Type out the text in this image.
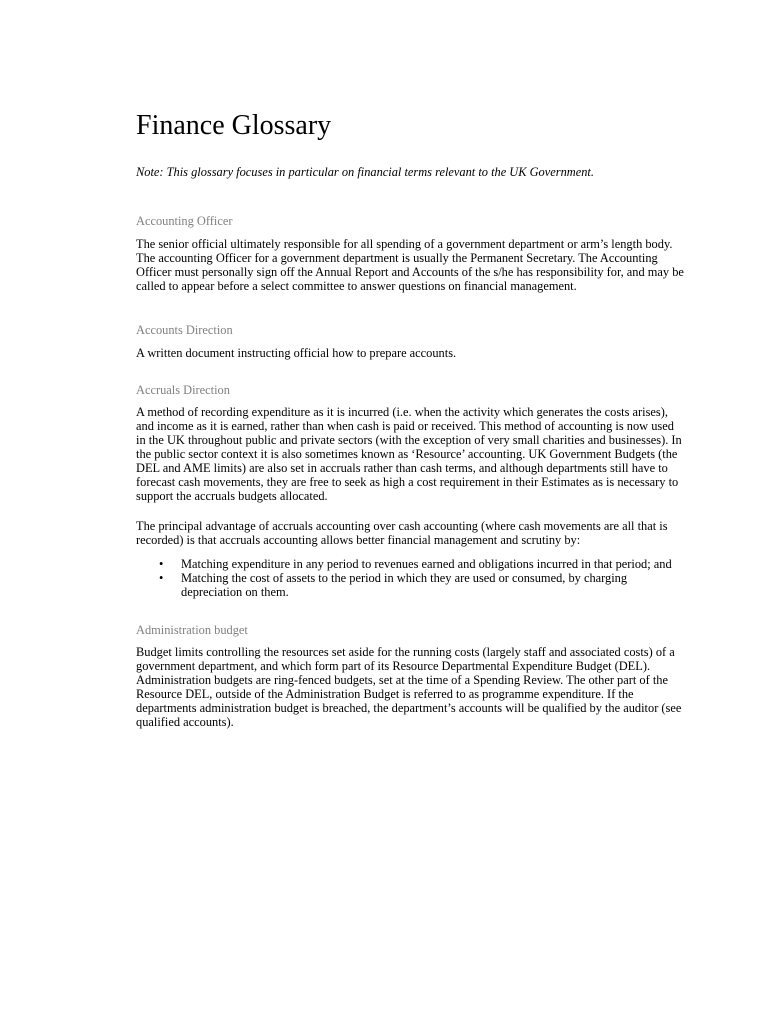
Finance Glossary

Note: This glossary focuses in particular on financial terms relevant to the UK Government.

Accounting Officer

The senior official ultimately responsible for all spending of a government department or arm’s length body. The accounting Officer for a government department is usually the Permanent Secretary. The Accounting Officer must personally sign off the Annual Report and Accounts of the s/he has responsibility for, and may be called to appear before a select committee to answer questions on financial management.

Accounts Direction

A written document instructing official how to prepare accounts.

Accruals Direction

A method of recording expenditure as it is incurred (i.e. when the activity which generates the costs arises), and income as it is earned, rather than when cash is paid or received. This method of accounting is now used in the UK throughout public and private sectors (with the exception of very small charities and businesses). In the public sector context it is also sometimes known as ‘Resource’ accounting. UK Government Budgets (the DEL and AME limits) are also set in accruals rather than cash terms, and although departments still have to forecast cash movements, they are free to seek as high a cost requirement in their Estimates as is necessary to support the accruals budgets allocated.

The principal advantage of accruals accounting over cash accounting (where cash movements are all that is recorded) is that accruals accounting allows better financial management and scrutiny by:

• Matching expenditure in any period to revenues earned and obligations incurred in that period; and
• Matching the cost of assets to the period in which they are used or consumed, by charging depreciation on them.

Administration budget

Budget limits controlling the resources set aside for the running costs (largely staff and associated costs) of a government department, and which form part of its Resource Departmental Expenditure Budget (DEL). Administration budgets are ring-fenced budgets, set at the time of a Spending Review. The other part of the Resource DEL, outside of the Administration Budget is referred to as programme expenditure. If the departments administration budget is breached, the department’s accounts will be qualified by the auditor (see qualified accounts).
